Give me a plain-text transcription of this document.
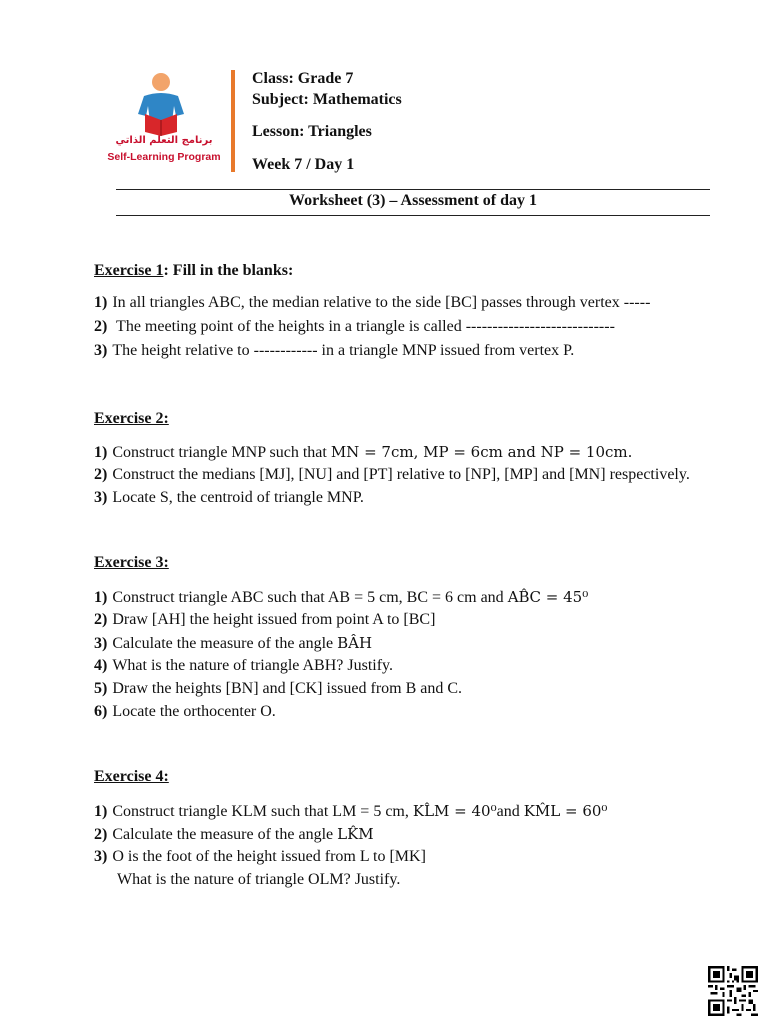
برنامج التعلم الذاتي
Self-Learning Program
Class: Grade 7
Subject: Mathematics
Lesson: Triangles
Week 7 / Day 1
Worksheet (3) – Assessment of day 1
Exercise 1: Fill in the blanks:
1) In all triangles ABC, the median relative to the side [BC] passes through vertex -----
2) The meeting point of the heights in a triangle is called ----------------------------
3) The height relative to ------------ in a triangle MNP issued from vertex P.
Exercise 2:
1) Construct triangle MNP such that MN = 7cm, MP = 6cm and NP = 10cm.
2) Construct the medians [MJ], [NU] and [PT] relative to [NP], [MP] and [MN] respectively.
3) Locate S, the centroid of triangle MNP.
Exercise 3:
1) Construct triangle ABC such that AB = 5 cm, BC = 6 cm and AB̂C = 45⁰
2) Draw [AH] the height issued from point A to [BC]
3) Calculate the measure of the angle BÂH
4) What is the nature of triangle ABH? Justify.
5) Draw the heights [BN] and [CK] issued from B and C.
6) Locate the orthocenter O.
Exercise 4:
1) Construct triangle KLM such that LM = 5 cm, KL̂M = 40⁰and KM̂L = 60⁰
2) Calculate the measure of the angle LK̂M
3) O is the foot of the height issued from L to [MK]
What is the nature of triangle OLM? Justify.
